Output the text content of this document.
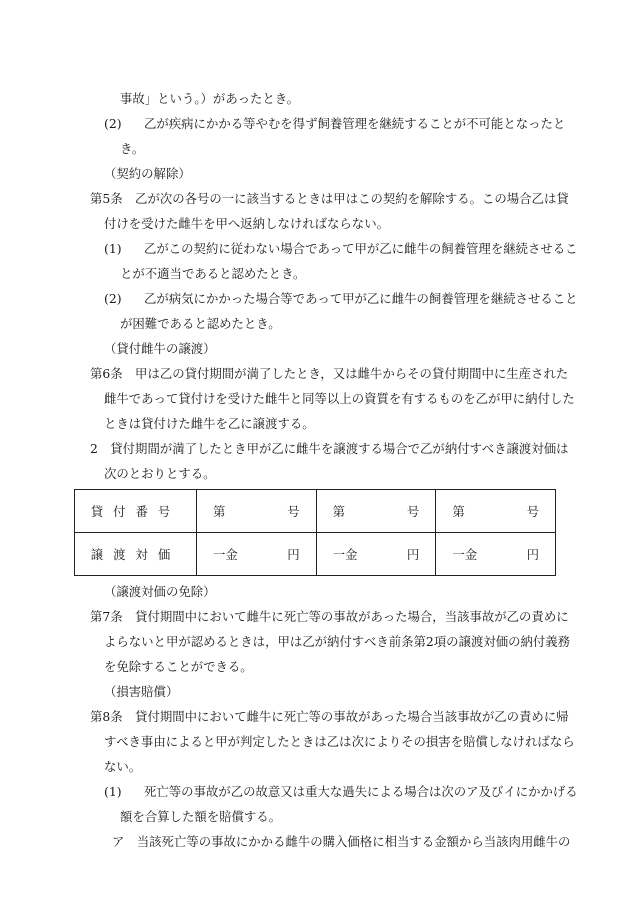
事故」という。）があったとき。
(2) 乙が疾病にかかる等やむを得ず飼養管理を継続することが不可能となったと
き。
（契約の解除）
第5条　乙が次の各号の一に該当するときは甲はこの契約を解除する。この場合乙は貸
付けを受けた雌牛を甲へ返納しなければならない。
(1) 乙がこの契約に従わない場合であって甲が乙に雌牛の飼養管理を継続させるこ
とが不適当であると認めたとき。
(2) 乙が病気にかかった場合等であって甲が乙に雌牛の飼養管理を継続させること
が困難であると認めたとき。
（貸付雌牛の譲渡）
第6条　甲は乙の貸付期間が満了したとき，又は雌牛からその貸付期間中に生産された
雌牛であって貸付けを受けた雌牛と同等以上の資質を有するものを乙が甲に納付した
ときは貸付けた雌牛を乙に譲渡する。
2　貸付期間が満了したとき甲が乙に雌牛を譲渡する場合で乙が納付すべき譲渡対価は
次のとおりとする。
貸付番号	第 号	第 号	第 号

譲渡対価	一金 円	一金 円	一金 円
（譲渡対価の免除）
第7条　貸付期間中において雌牛に死亡等の事故があった場合，当該事故が乙の責めに
よらないと甲が認めるときは，甲は乙が納付すべき前条第2項の譲渡対価の納付義務
を免除することができる。
（損害賠償）
第8条　貸付期間中において雌牛に死亡等の事故があった場合当該事故が乙の責めに帰
すべき事由によると甲が判定したときは乙は次によりその損害を賠償しなければなら
ない。
(1) 死亡等の事故が乙の故意又は重大な過失による場合は次のア及びイにかかげる
額を合算した額を賠償する。
ア　当該死亡等の事故にかかる雌牛の購入価格に相当する金額から当該肉用雌牛の
